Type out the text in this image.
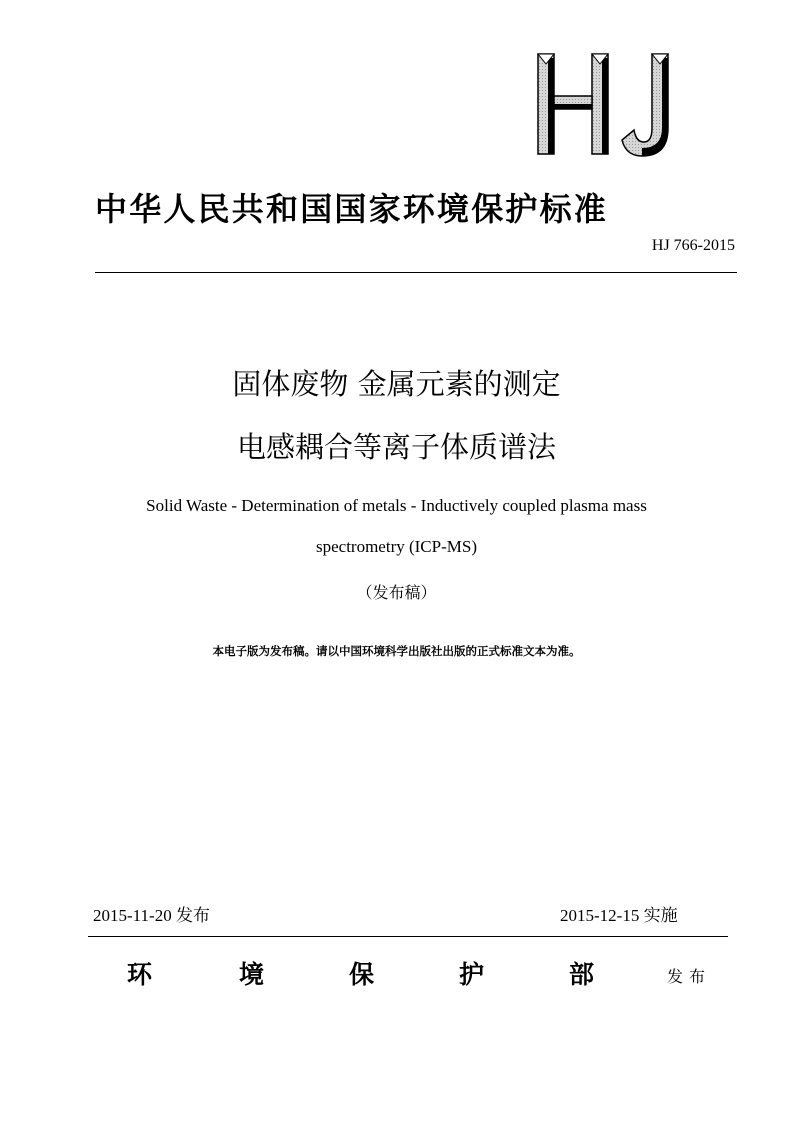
中华人民共和国国家环境保护标准
HJ 766-2015
固体废物 金属元素的测定
电感耦合等离子体质谱法
Solid Waste - Determination of metals - Inductively coupled plasma mass
spectrometry (ICP-MS)
（发布稿）
本电子版为发布稿。请以中国环境科学出版社出版的正式标准文本为准。
2015-11-20 发布	2015-12-15 实施
环	境	保	护	部	发布
